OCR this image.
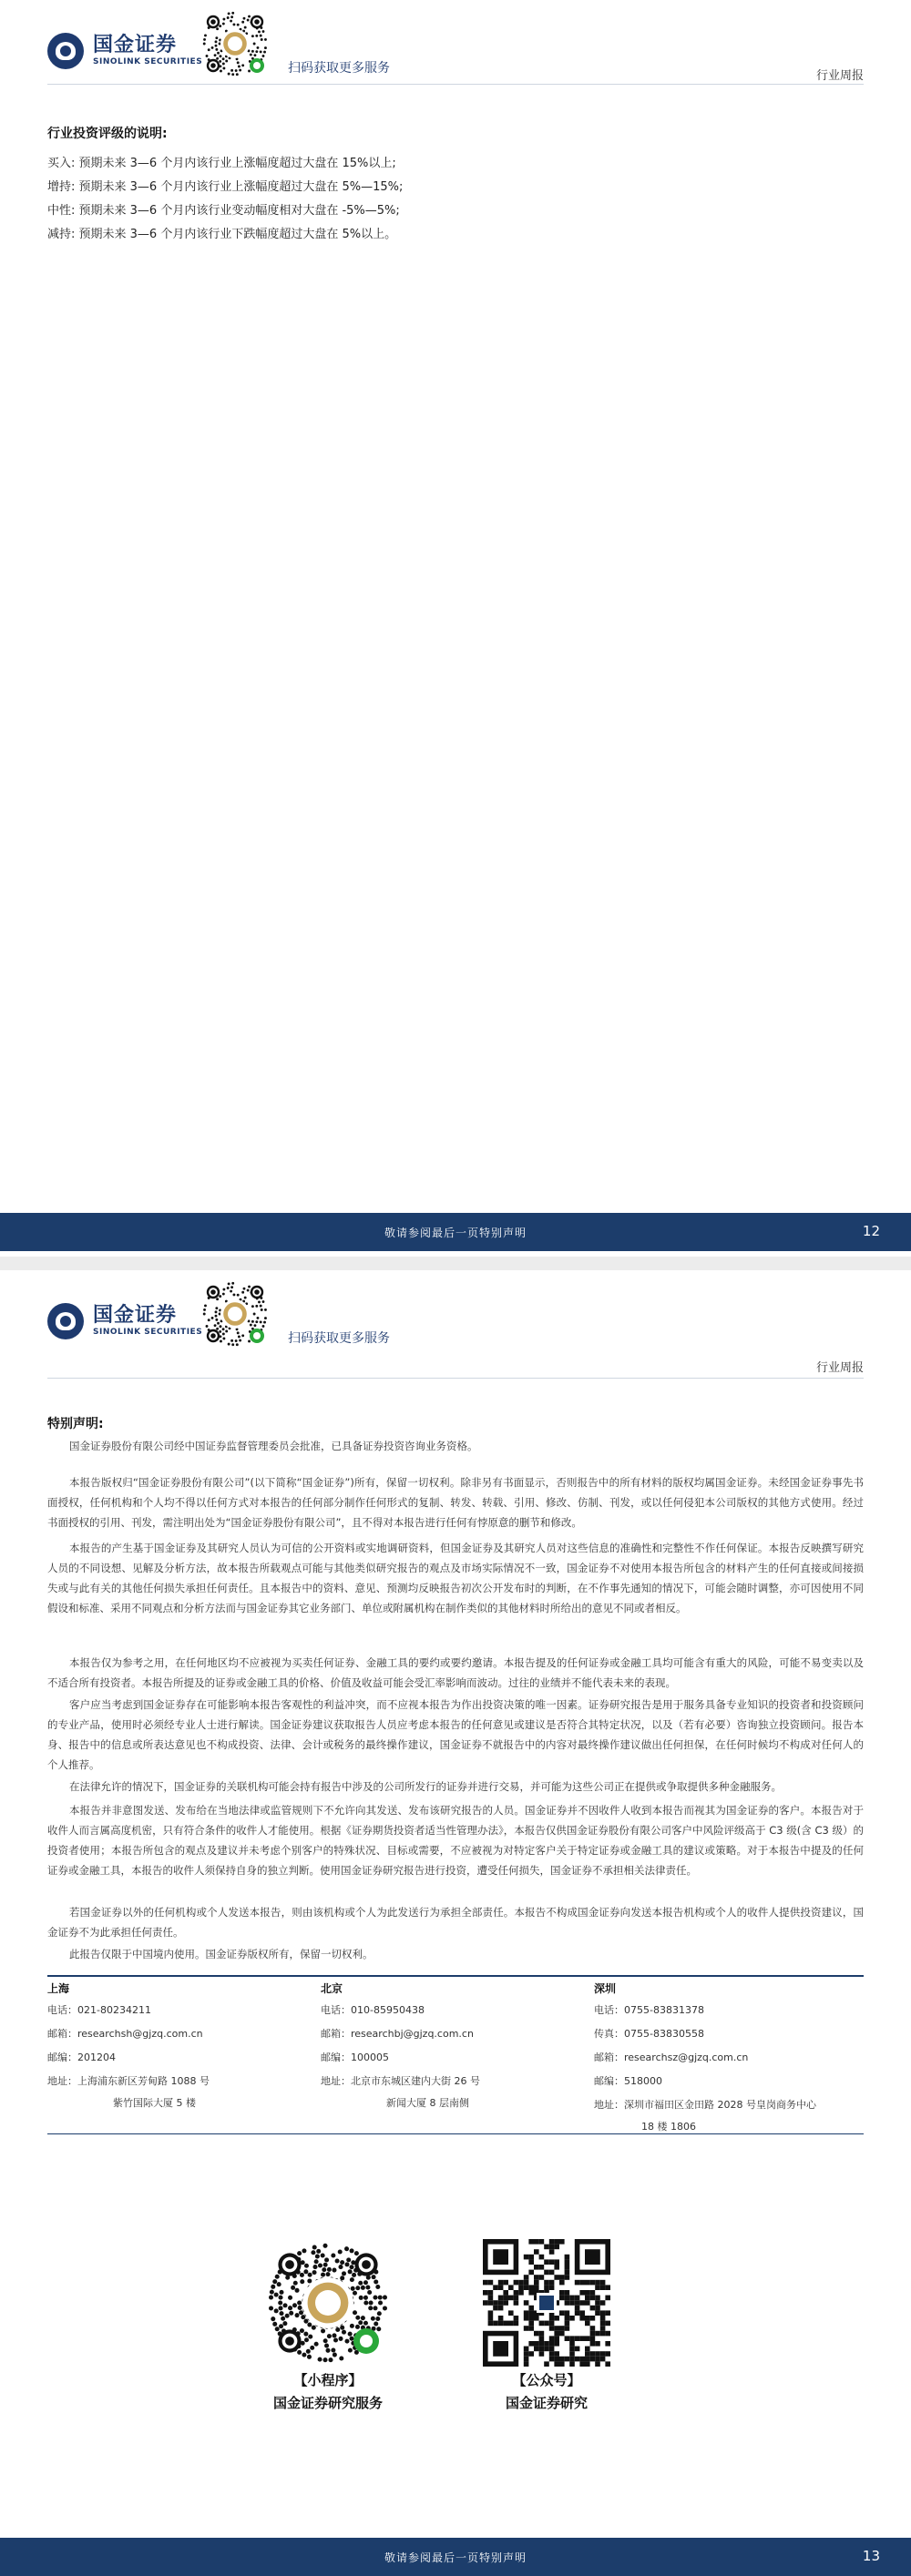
国金证券
SINOLINK SECURITIES	扫码获取更多服务
行业周报
行业投资评级的说明:
买入: 预期未来 3—6 个月内该行业上涨幅度超过大盘在 15%以上;
增持: 预期未来 3—6 个月内该行业上涨幅度超过大盘在 5%—15%;
中性: 预期未来 3—6 个月内该行业变动幅度相对大盘在 -5%—5%;
减持: 预期未来 3—6 个月内该行业下跌幅度超过大盘在 5%以上。
敬请参阅最后一页特别声明	12
国金证券
SINOLINK SECURITIES	扫码获取更多服务
行业周报
特别声明:
国金证券股份有限公司经中国证券监督管理委员会批准，已具备证券投资咨询业务资格。
本报告版权归“国金证券股份有限公司”(以下简称“国金证券”)所有，保留一切权利。除非另有书面显示，否则报告中的所有材料的版权均属国金证券。未经国金证券事先书面授权，任何机构和个人均不得以任何方式对本报告的任何部分制作任何形式的复制、转发、转载、引用、修改、仿制、刊发，或以任何侵犯本公司版权的其他方式使用。经过书面授权的引用、刊发，需注明出处为“国金证券股份有限公司”，且不得对本报告进行任何有悖原意的删节和修改。
本报告的产生基于国金证券及其研究人员认为可信的公开资料或实地调研资料，但国金证券及其研究人员对这些信息的准确性和完整性不作任何保证。本报告反映撰写研究人员的不同设想、见解及分析方法，故本报告所载观点可能与其他类似研究报告的观点及市场实际情况不一致，国金证券不对使用本报告所包含的材料产生的任何直接或间接损失或与此有关的其他任何损失承担任何责任。且本报告中的资料、意见、预测均反映报告初次公开发布时的判断，在不作事先通知的情况下，可能会随时调整，亦可因使用不同假设和标准、采用不同观点和分析方法而与国金证券其它业务部门、单位或附属机构在制作类似的其他材料时所给出的意见不同或者相反。
本报告仅为参考之用，在任何地区均不应被视为买卖任何证券、金融工具的要约或要约邀请。本报告提及的任何证券或金融工具均可能含有重大的风险，可能不易变卖以及不适合所有投资者。本报告所提及的证券或金融工具的价格、价值及收益可能会受汇率影响而波动。过往的业绩并不能代表未来的表现。
客户应当考虑到国金证券存在可能影响本报告客观性的利益冲突，而不应视本报告为作出投资决策的唯一因素。证券研究报告是用于服务具备专业知识的投资者和投资顾问的专业产品，使用时必须经专业人士进行解读。国金证券建议获取报告人员应考虑本报告的任何意见或建议是否符合其特定状况，以及（若有必要）咨询独立投资顾问。报告本身、报告中的信息或所表达意见也不构成投资、法律、会计或税务的最终操作建议，国金证券不就报告中的内容对最终操作建议做出任何担保，在任何时候均不构成对任何人的个人推荐。
在法律允许的情况下，国金证券的关联机构可能会持有报告中涉及的公司所发行的证券并进行交易，并可能为这些公司正在提供或争取提供多种金融服务。
本报告并非意图发送、发布给在当地法律或监管规则下不允许向其发送、发布该研究报告的人员。国金证券并不因收件人收到本报告而视其为国金证券的客户。本报告对于收件人而言属高度机密，只有符合条件的收件人才能使用。根据《证券期货投资者适当性管理办法》，本报告仅供国金证券股份有限公司客户中风险评级高于 C3 级(含 C3 级）的投资者使用；本报告所包含的观点及建议并未考虑个别客户的特殊状况、目标或需要，不应被视为对特定客户关于特定证券或金融工具的建议或策略。对于本报告中提及的任何证券或金融工具，本报告的收件人须保持自身的独立判断。使用国金证券研究报告进行投资，遭受任何损失，国金证券不承担相关法律责任。
若国金证券以外的任何机构或个人发送本报告，则由该机构或个人为此发送行为承担全部责任。本报告不构成国金证券向发送本报告机构或个人的收件人提供投资建议，国金证券不为此承担任何责任。
此报告仅限于中国境内使用。国金证券版权所有，保留一切权利。
上海
电话：021-80234211
邮箱：researchsh@gjzq.com.cn
邮编：201204
地址：上海浦东新区芳甸路 1088 号
紫竹国际大厦 5 楼
北京
电话：010-85950438
邮箱：researchbj@gjzq.com.cn
邮编：100005
地址：北京市东城区建内大街 26 号
新闻大厦 8 层南侧
深圳
电话：0755-83831378
传真：0755-83830558
邮箱：researchsz@gjzq.com.cn
邮编：518000
地址：深圳市福田区金田路 2028 号皇岗商务中心
18 楼 1806
【小程序】
国金证券研究服务
【公众号】
国金证券研究
敬请参阅最后一页特别声明	13
